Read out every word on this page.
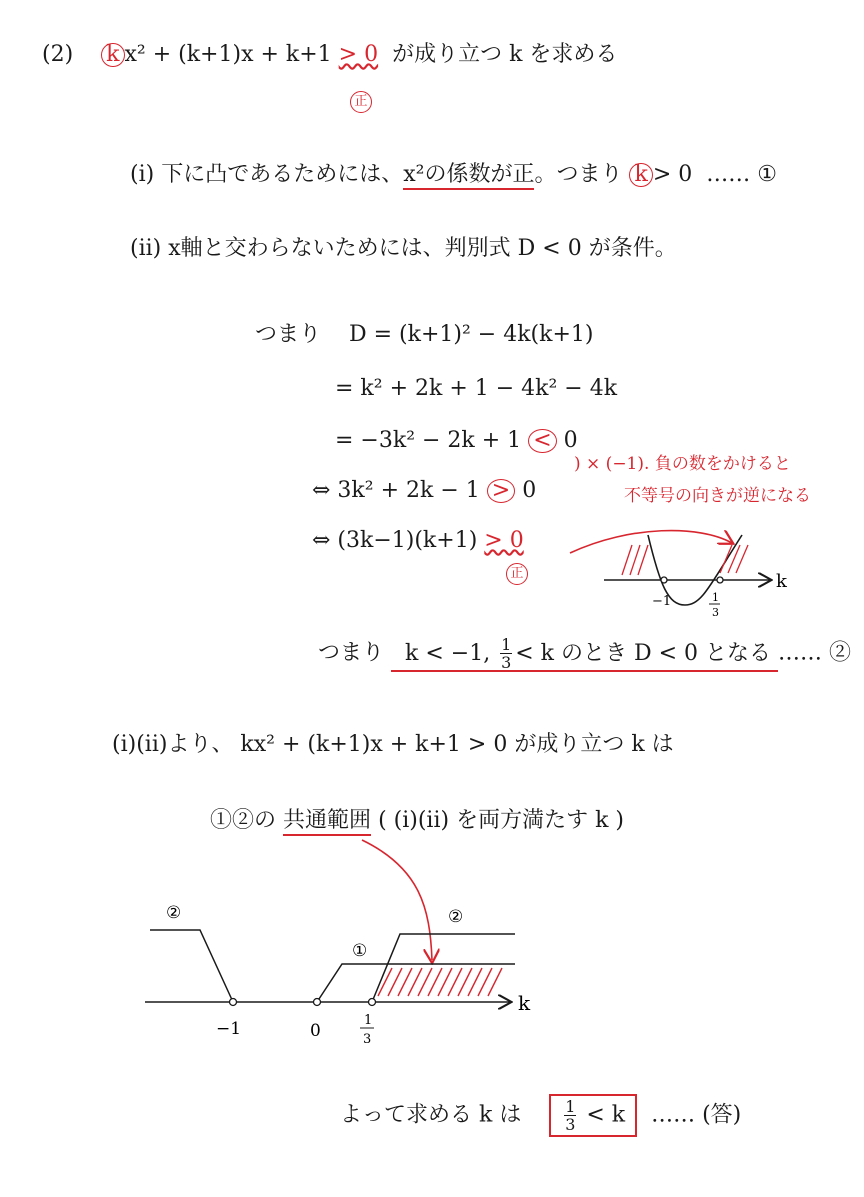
(2) k x² + (k+1)x + k+1 > 0 が成り立つ k を求める
正
(i) 下に凸であるためには、x²の係数が正。つまり k > 0 …… ①
(ii) x軸と交わらないためには、判別式 D < 0 が条件。
つまり D = (k+1)² − 4k(k+1)
= k² + 2k + 1 − 4k² − 4k
= −3k² − 2k + 1 < 0
⇔ 3k² + 2k − 1 > 0
⇔ (3k−1)(k+1) > 0
正
) × (−1). 負の数をかけると
不等号の向きが逆になる
k
−1	1
3
つまり k < −1, $\frac{1}{3} < k$ のとき D < 0 となる …… ②
(i)(ii)より、 kx² + (k+1)x + k+1 > 0 が成り立つ k は
①②の 共通範囲 ( (i)(ii) を両方満たす k )
②
①
②
k
−1	0
1
3
よって求める k は	$\frac{1}{3} < k$ …… (答)
